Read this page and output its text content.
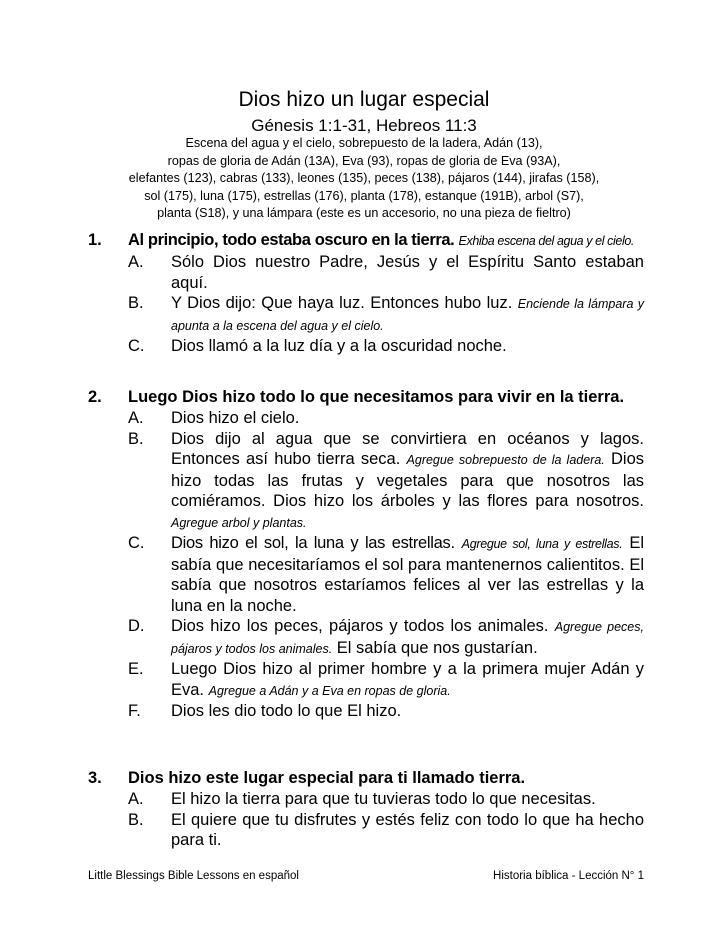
Dios hizo un lugar especial
Génesis 1:1-31, Hebreos 11:3
Escena del agua y el cielo, sobrepuesto de la ladera, Adán (13),
ropas de gloria de Adán (13A), Eva (93), ropas de gloria de Eva (93A),
elefantes (123), cabras (133), leones (135), peces (138), pájaros (144), jirafas (158),
sol (175), luna (175), estrellas (176), planta (178), estanque (191B), arbol (S7),
planta (S18), y una lámpara (este es un accesorio, no una pieza de fieltro)
1. Al principio, todo estaba oscuro en la tierra. Exhiba escena del agua y el cielo.
A. Sólo Dios nuestro Padre, Jesús y el Espíritu Santo estaban aquí.
B. Y Dios dijo: Que haya luz. Entonces hubo luz. Enciende la lámpara y apunta a la escena del agua y el cielo.
C. Dios llamó a la luz día y a la oscuridad noche.
2. Luego Dios hizo todo lo que necesitamos para vivir en la tierra.
A. Dios hizo el cielo.
B. Dios dijo al agua que se convirtiera en océanos y lagos. Entonces así hubo tierra seca. Agregue sobrepuesto de la ladera. Dios hizo todas las frutas y vegetales para que nosotros las comiéramos. Dios hizo los árboles y las flores para nosotros. Agregue arbol y plantas.
C. Dios hizo el sol, la luna y las estrellas. Agregue sol, luna y estrellas. El sabía que necesitaríamos el sol para mantenernos calientitos. El sabía que nosotros estaríamos felices al ver las estrellas y la luna en la noche.
D. Dios hizo los peces, pájaros y todos los animales. Agregue peces, pájaros y todos los animales. El sabía que nos gustarían.
E. Luego Dios hizo al primer hombre y a la primera mujer Adán y Eva. Agregue a Adán y a Eva en ropas de gloria.
F. Dios les dio todo lo que El hizo.
3. Dios hizo este lugar especial para ti llamado tierra.
A. El hizo la tierra para que tu tuvieras todo lo que necesitas.
B. El quiere que tu disfrutes y estés feliz con todo lo que ha hecho para ti.
Little Blessings Bible Lessons en español	Historia bíblica - Lección N° 1
